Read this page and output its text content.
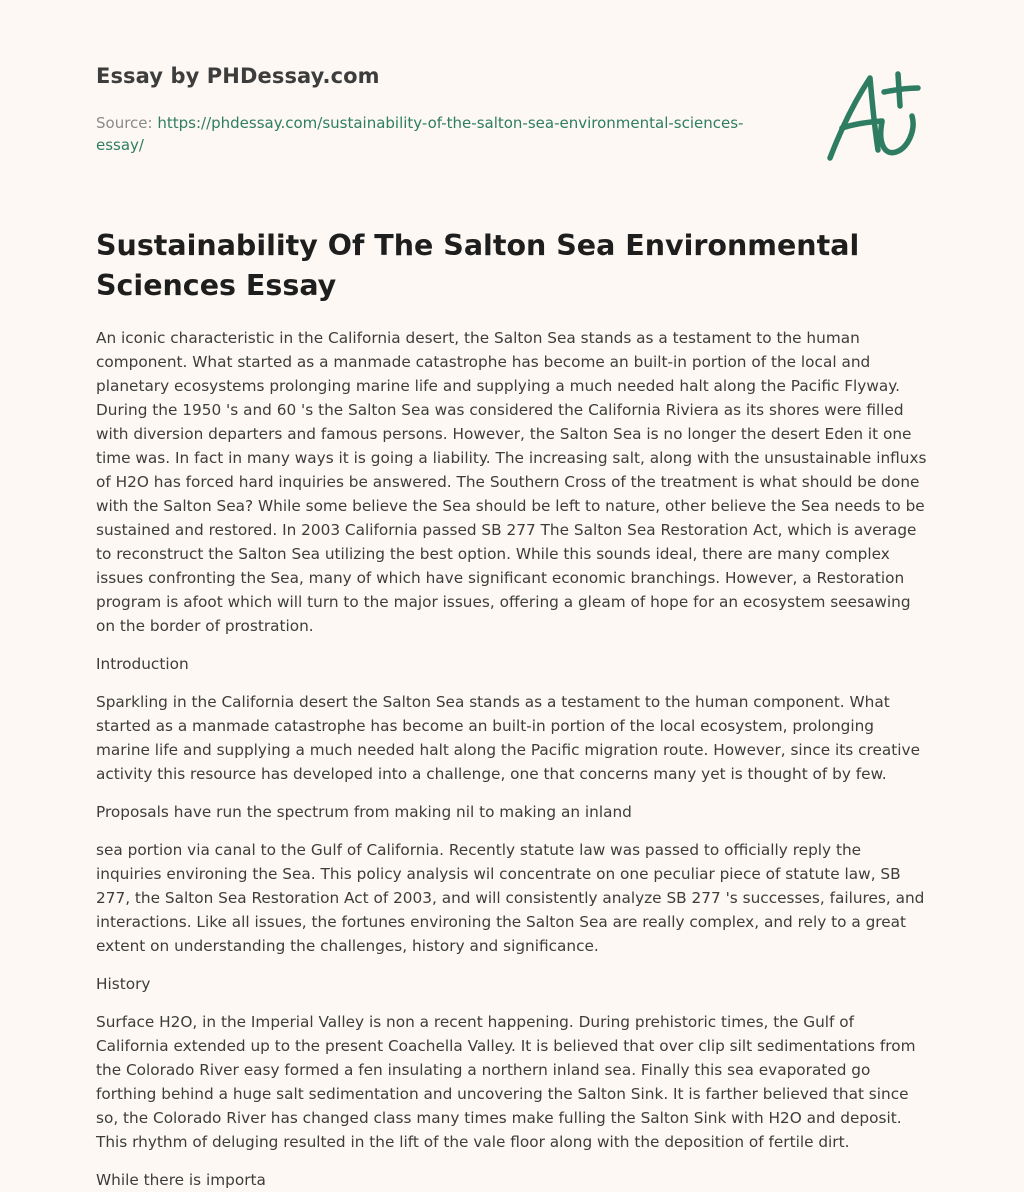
Essay by PHDessay.com
Source: https://phdessay.com/sustainability-of-the-salton-sea-environmental-sciences-essay/
Sustainability Of The Salton Sea Environmental Sciences Essay

An iconic characteristic in the California desert, the Salton Sea stands as a testament to the human component. What started as a manmade catastrophe has become an built-in portion of the local and planetary ecosystems prolonging marine life and supplying a much needed halt along the Pacific Flyway. During the 1950 's and 60 's the Salton Sea was considered the California Riviera as its shores were filled with diversion departers and famous persons. However, the Salton Sea is no longer the desert Eden it one time was. In fact in many ways it is going a liability. The increasing salt, along with the unsustainable influxs of H2O has forced hard inquiries be answered. The Southern Cross of the treatment is what should be done with the Salton Sea? While some believe the Sea should be left to nature, other believe the Sea needs to be sustained and restored. In 2003 California passed SB 277 The Salton Sea Restoration Act, which is average to reconstruct the Salton Sea utilizing the best option. While this sounds ideal, there are many complex issues confronting the Sea, many of which have significant economic branchings. However, a Restoration program is afoot which will turn to the major issues, offering a gleam of hope for an ecosystem seesawing on the border of prostration.

Introduction

Sparkling in the California desert the Salton Sea stands as a testament to the human component. What started as a manmade catastrophe has become an built-in portion of the local ecosystem, prolonging marine life and supplying a much needed halt along the Pacific migration route. However, since its creative activity this resource has developed into a challenge, one that concerns many yet is thought of by few.

Proposals have run the spectrum from making nil to making an inland

sea portion via canal to the Gulf of California. Recently statute law was passed to officially reply the inquiries environing the Sea. This policy analysis wil concentrate on one peculiar piece of statute law, SB 277, the Salton Sea Restoration Act of 2003, and will consistently analyze SB 277 's successes, failures, and interactions. Like all issues, the fortunes environing the Salton Sea are really complex, and rely to a great extent on understanding the challenges, history and significance.

History

Surface H2O, in the Imperial Valley is non a recent happening. During prehistoric times, the Gulf of California extended up to the present Coachella Valley. It is believed that over clip silt sedimentations from the Colorado River easy formed a fen insulating a northern inland sea. Finally this sea evaporated go forthing behind a huge salt sedimentation and uncovering the Salton Sink. It is farther believed that since so, the Colorado River has changed class many times make fulling the Salton Sink with H2O and deposit. This rhythm of deluging resulted in the lift of the vale floor along with the deposition of fertile dirt.

While there is importa
